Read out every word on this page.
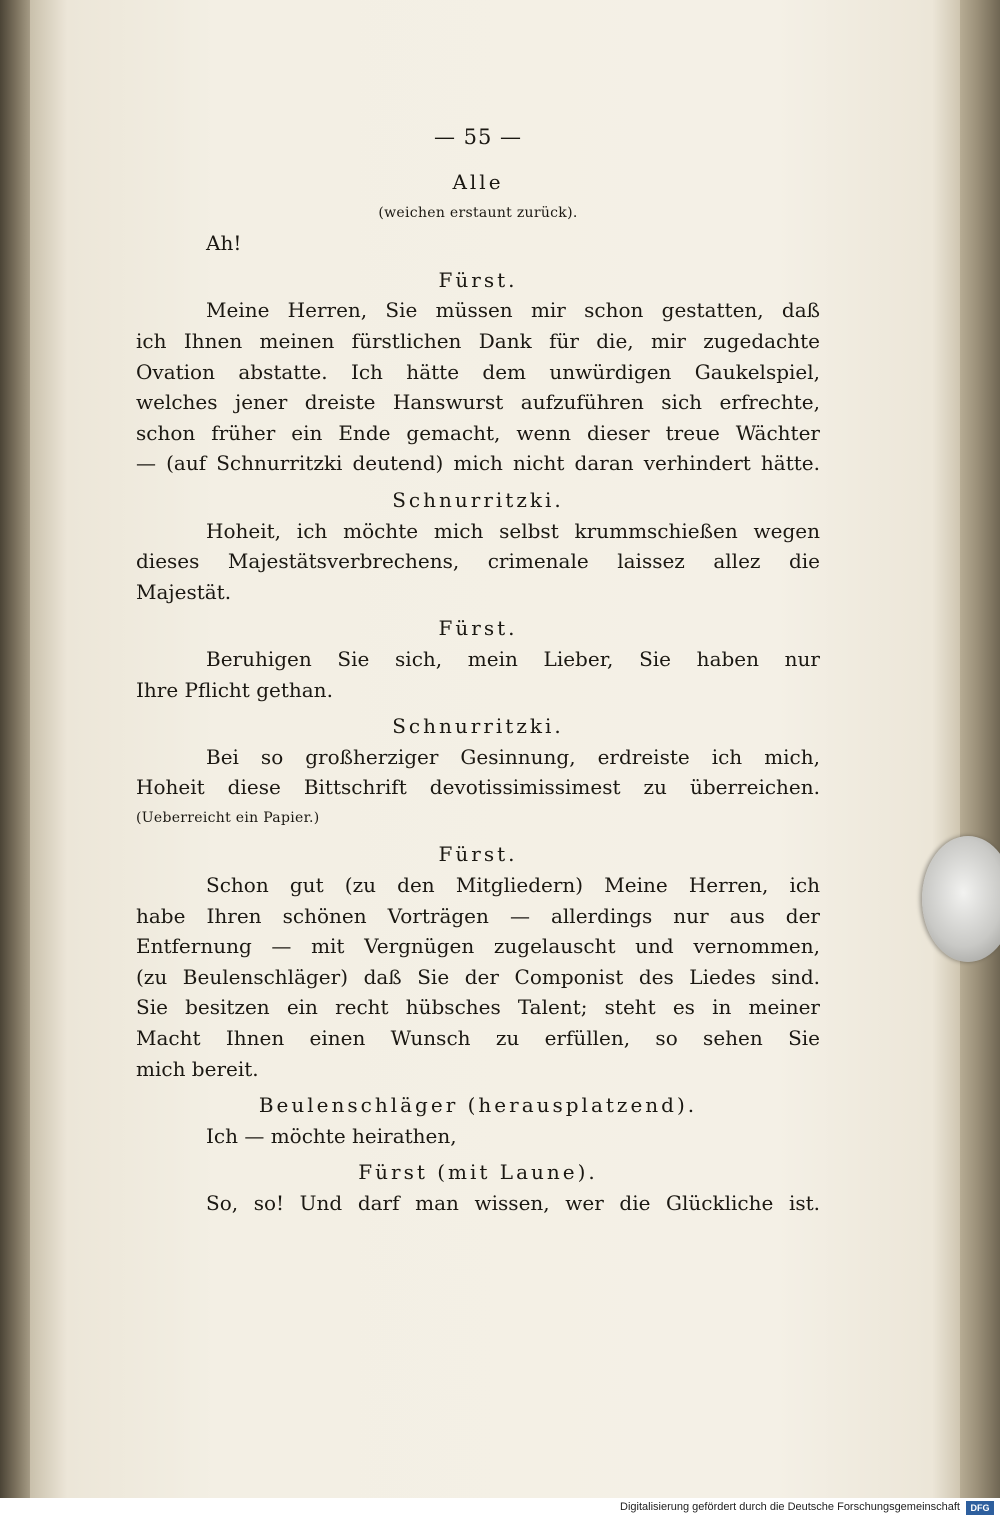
— 55 —
Alle
(weichen erstaunt zurück).
Ah!
Fürst.
Meine Herren, Sie müssen mir schon gestatten, daß
ich Ihnen meinen fürstlichen Dank für die, mir zugedachte
Ovation abstatte. Ich hätte dem unwürdigen Gaukelspiel,
welches jener dreiste Hanswurst aufzuführen sich erfrechte,
schon früher ein Ende gemacht, wenn dieser treue Wächter
— (auf Schnurritzki deutend) mich nicht daran verhindert hätte.
Schnurritzki.
Hoheit, ich möchte mich selbst krummschießen wegen
dieses Majestätsverbrechens, crimenale laissez allez die
Majestät.
Fürst.
Beruhigen Sie sich, mein Lieber, Sie haben nur
Ihre Pflicht gethan.
Schnurritzki.
Bei so großherziger Gesinnung, erdreiste ich mich,
Hoheit diese Bittschrift devotissimissimest zu überreichen.
(Ueberreicht ein Papier.)
Fürst.
Schon gut (zu den Mitgliedern) Meine Herren, ich
habe Ihren schönen Vorträgen — allerdings nur aus der
Entfernung — mit Vergnügen zugelauscht und vernommen,
(zu Beulenschläger) daß Sie der Componist des Liedes sind.
Sie besitzen ein recht hübsches Talent; steht es in meiner
Macht Ihnen einen Wunsch zu erfüllen, so sehen Sie
mich bereit.
Beulenschläger (herausplatzend).
Ich — möchte heirathen,
Fürst (mit Laune).
So, so! Und darf man wissen, wer die Glückliche ist.
Digitalisierung gefördert durch die Deutsche Forschungsgemeinschaft	DFG
